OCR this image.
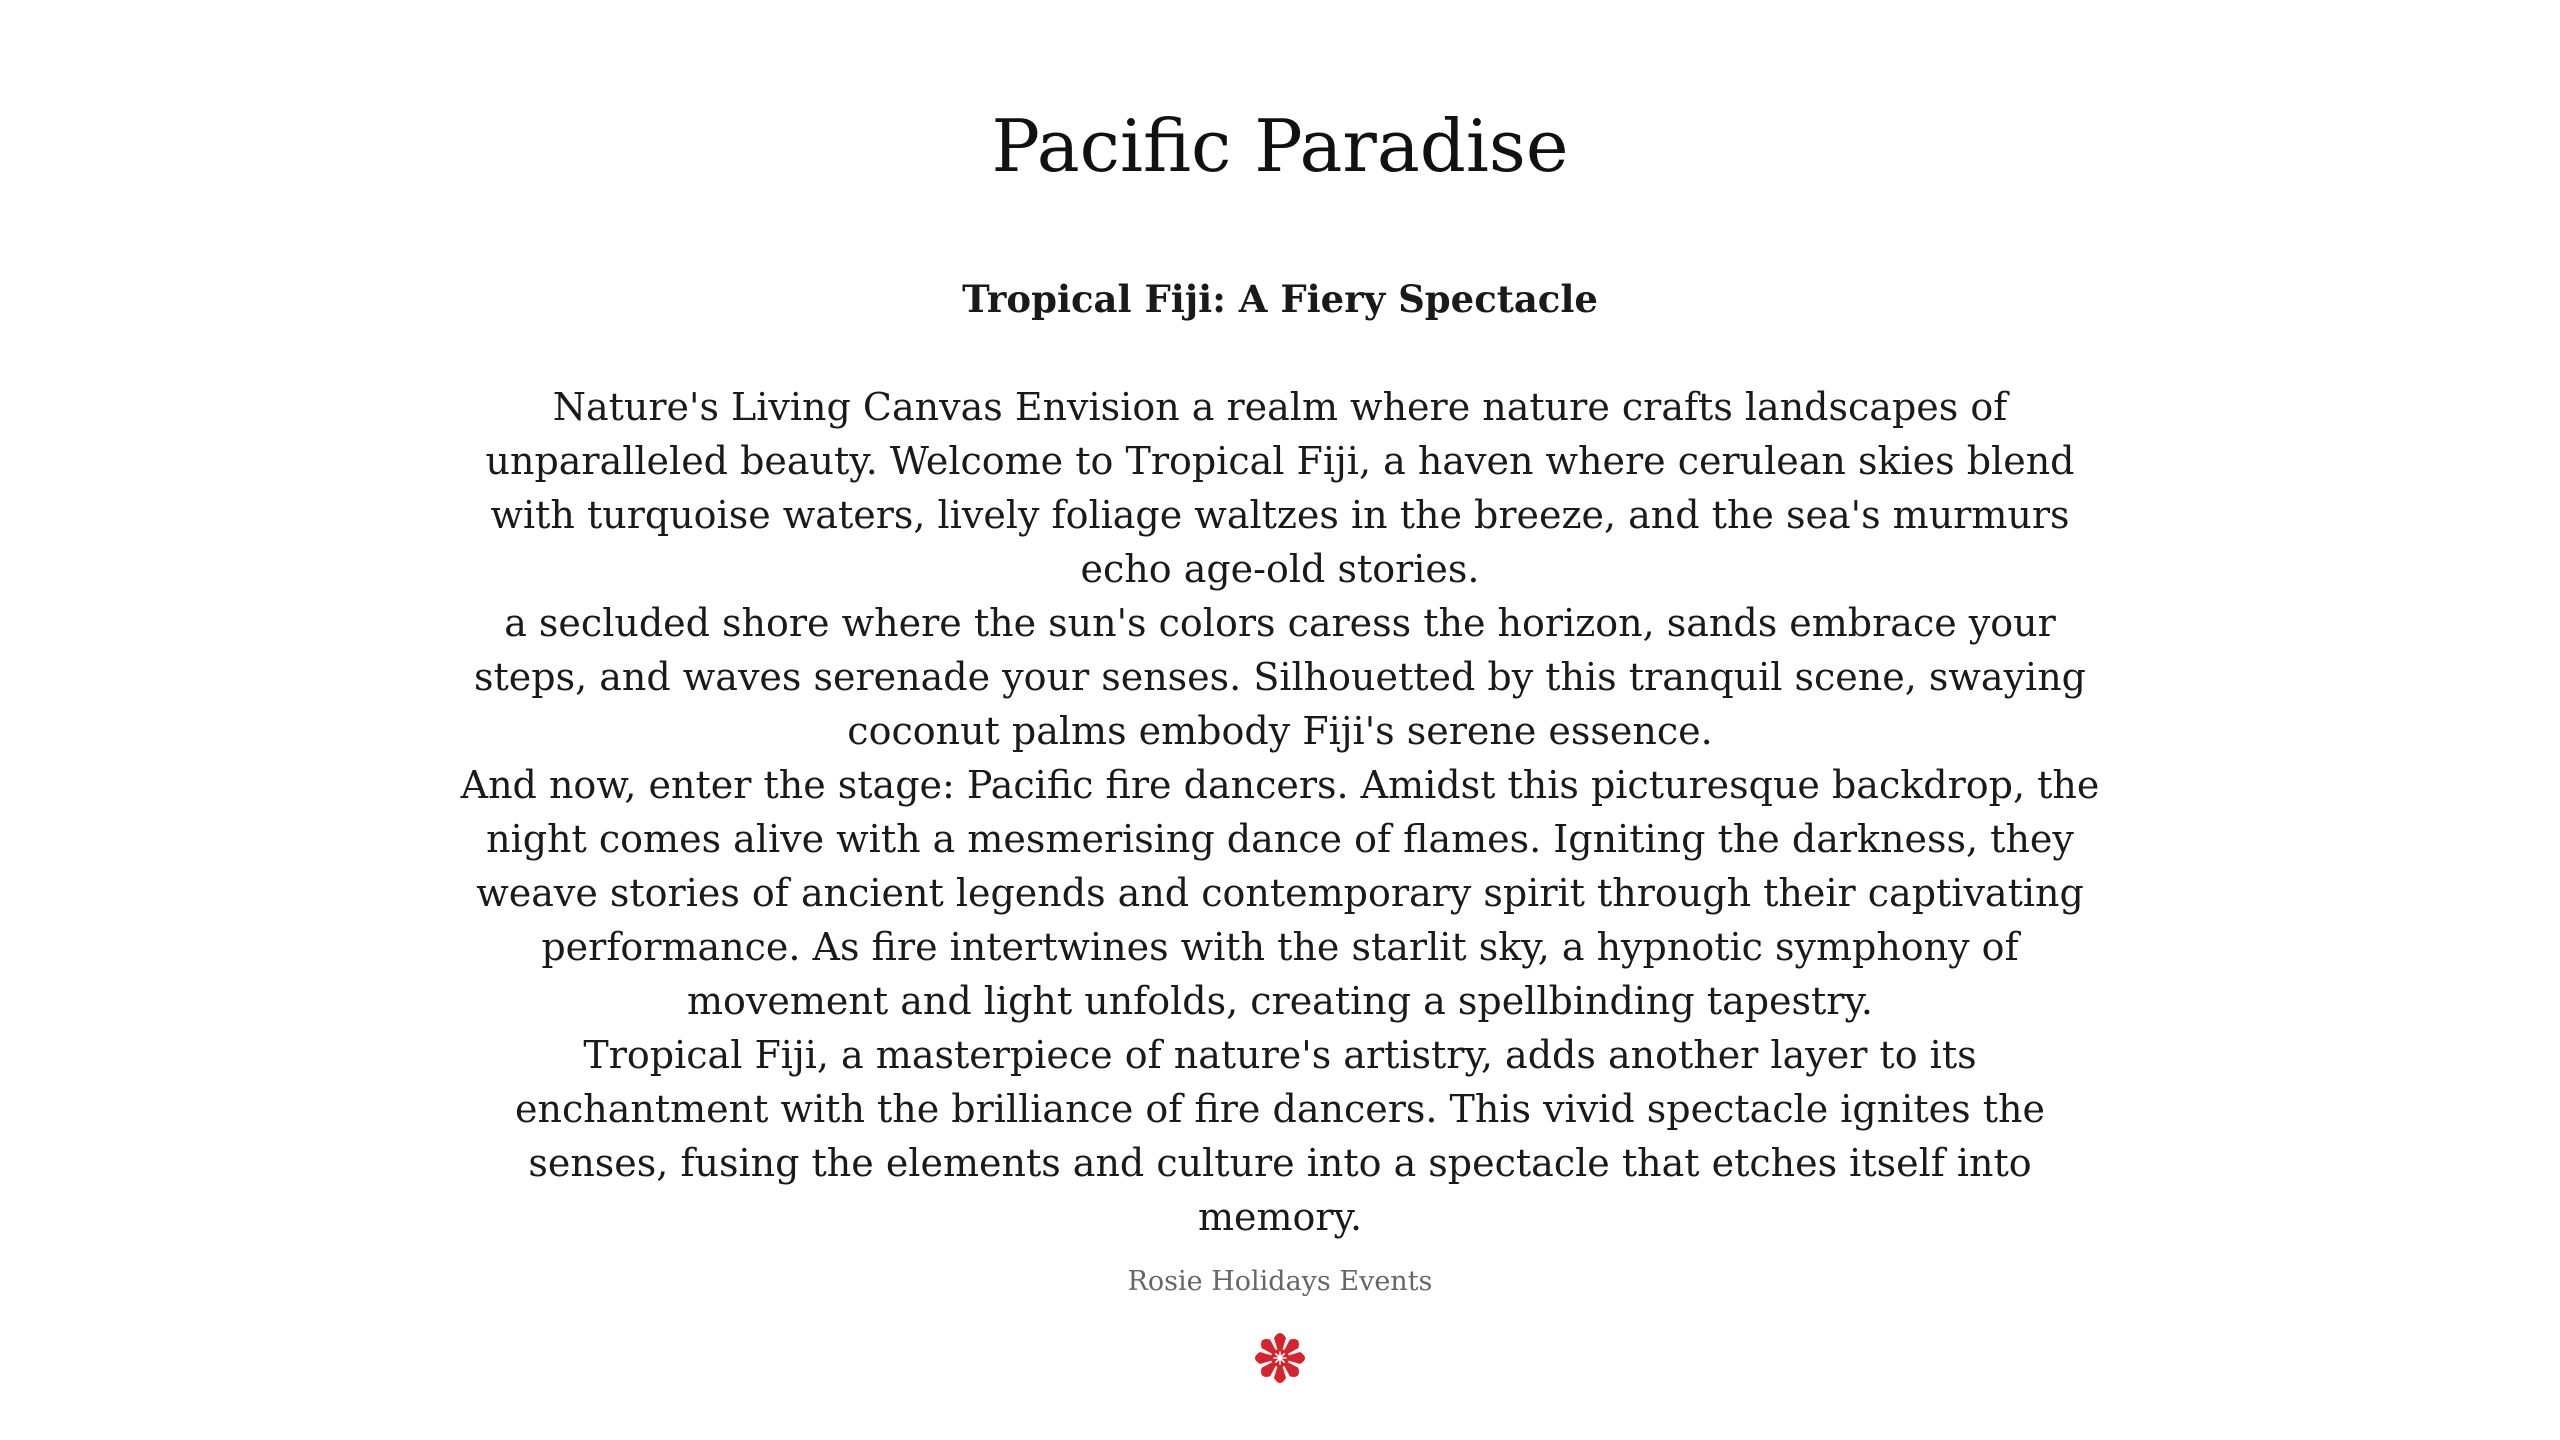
Pacific Paradise
Tropical Fiji: A Fiery Spectacle

Nature's Living Canvas Envision a realm where nature crafts landscapes of unparalleled beauty. Welcome to Tropical Fiji, a haven where cerulean skies blend with turquoise waters, lively foliage waltzes in the breeze, and the sea's murmurs echo age-old stories.

a secluded shore where the sun's colors caress the horizon, sands embrace your steps, and waves serenade your senses. Silhouetted by this tranquil scene, swaying coconut palms embody Fiji's serene essence.

And now, enter the stage: Pacific fire dancers. Amidst this picturesque backdrop, the night comes alive with a mesmerising dance of flames. Igniting the darkness, they weave stories of ancient legends and contemporary spirit through their captivating performance. As fire intertwines with the starlit sky, a hypnotic symphony of movement and light unfolds, creating a spellbinding tapestry.

Tropical Fiji, a masterpiece of nature's artistry, adds another layer to its enchantment with the brilliance of fire dancers. This vivid spectacle ignites the senses, fusing the elements and culture into a spectacle that etches itself into memory.

Rosie Holidays Events
